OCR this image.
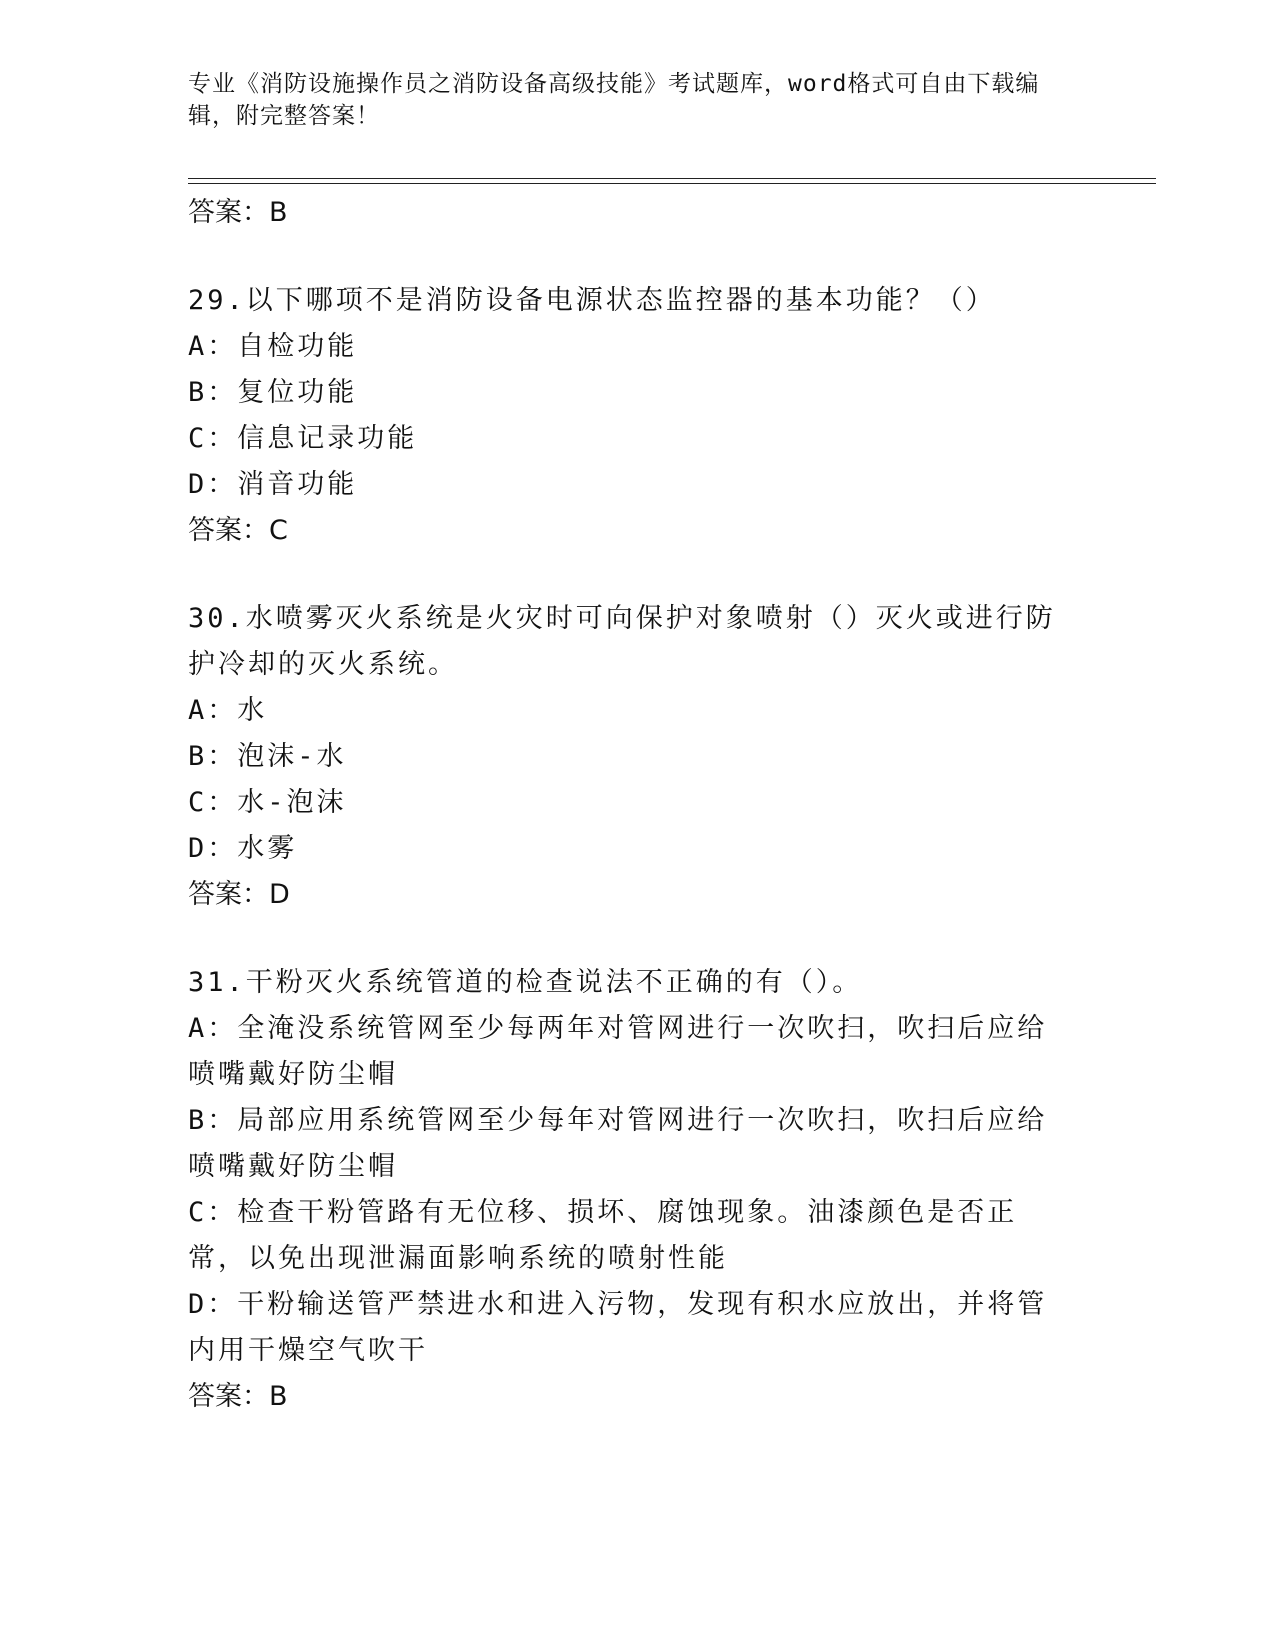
专业《消防设施操作员之消防设备高级技能》考试题库，word格式可自由下载编辑，附完整答案！
答案：B
29.以下哪项不是消防设备电源状态监控器的基本功能？（）
A：自检功能
B：复位功能
C：信息记录功能
D：消音功能
答案：C
30.水喷雾灭火系统是火灾时可向保护对象喷射（）灭火或进行防护冷却的灭火系统。
A：水
B：泡沫-水
C：水-泡沫
D：水雾
答案：D
31.干粉灭火系统管道的检查说法不正确的有（）。
A：全淹没系统管网至少每两年对管网进行一次吹扫，吹扫后应给喷嘴戴好防尘帽
B：局部应用系统管网至少每年对管网进行一次吹扫，吹扫后应给喷嘴戴好防尘帽
C：检查干粉管路有无位移、损坏、腐蚀现象。油漆颜色是否正常，以免出现泄漏面影响系统的喷射性能
D：干粉输送管严禁进水和进入污物，发现有积水应放出，并将管内用干燥空气吹干
答案：B
